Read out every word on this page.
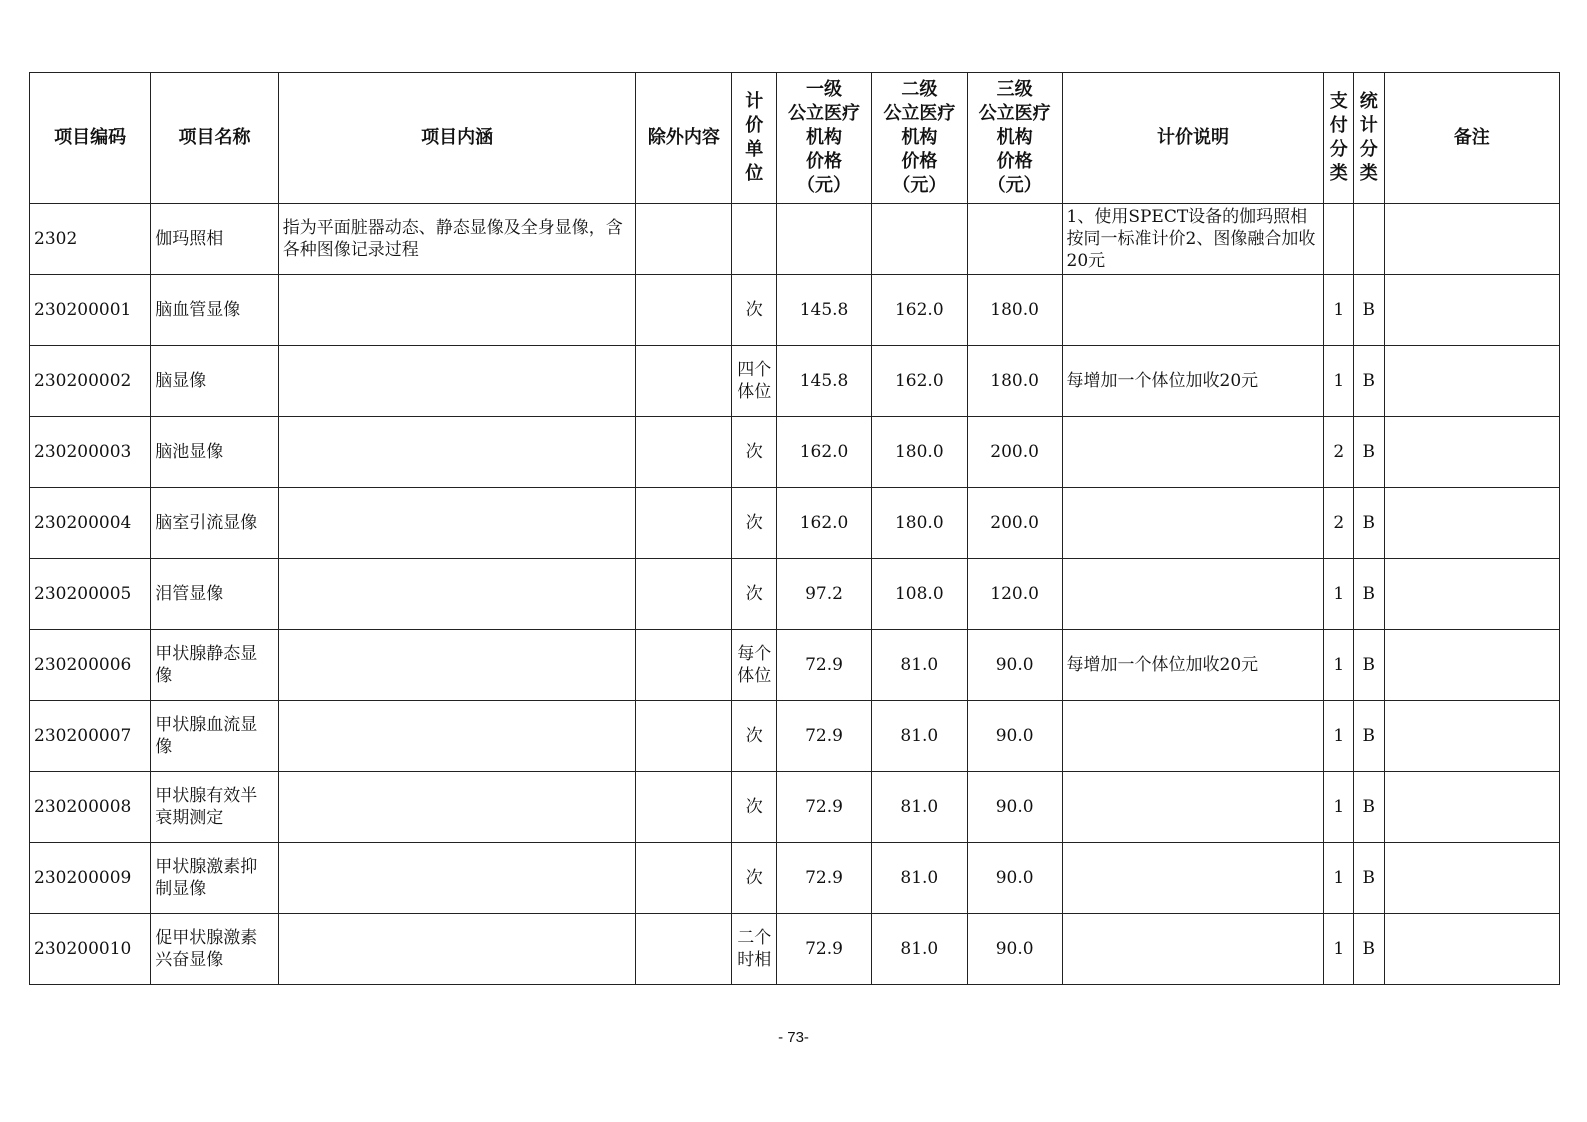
项目编码	项目名称	项目内涵	除外内容	计
价
单
位	一级
公立医疗
机构
价格
（元）	二级
公立医疗
机构
价格
（元）	三级
公立医疗
机构
价格
（元）	计价说明	支
付
分
类	统
计
分
类	备注
2302	伽玛照相	指为平面脏器动态、静态显像及全身显像，含各种图像记录过程						1、使用SPECT设备的伽玛照相按同一标准计价2、图像融合加收20元			
230200001	脑血管显像			次	145.8	162.0	180.0		1	B	
230200002	脑显像			四个体位	145.8	162.0	180.0	每增加一个体位加收20元	1	B	
230200003	脑池显像			次	162.0	180.0	200.0		2	B	
230200004	脑室引流显像			次	162.0	180.0	200.0		2	B	
230200005	泪管显像			次	97.2	108.0	120.0		1	B	
230200006	甲状腺静态显像			每个体位	72.9	81.0	90.0	每增加一个体位加收20元	1	B	
230200007	甲状腺血流显像			次	72.9	81.0	90.0		1	B	
230200008	甲状腺有效半衰期测定			次	72.9	81.0	90.0		1	B	
230200009	甲状腺激素抑制显像			次	72.9	81.0	90.0		1	B	
230200010	促甲状腺激素兴奋显像			二个时相	72.9	81.0	90.0		1	B	
- 73-
